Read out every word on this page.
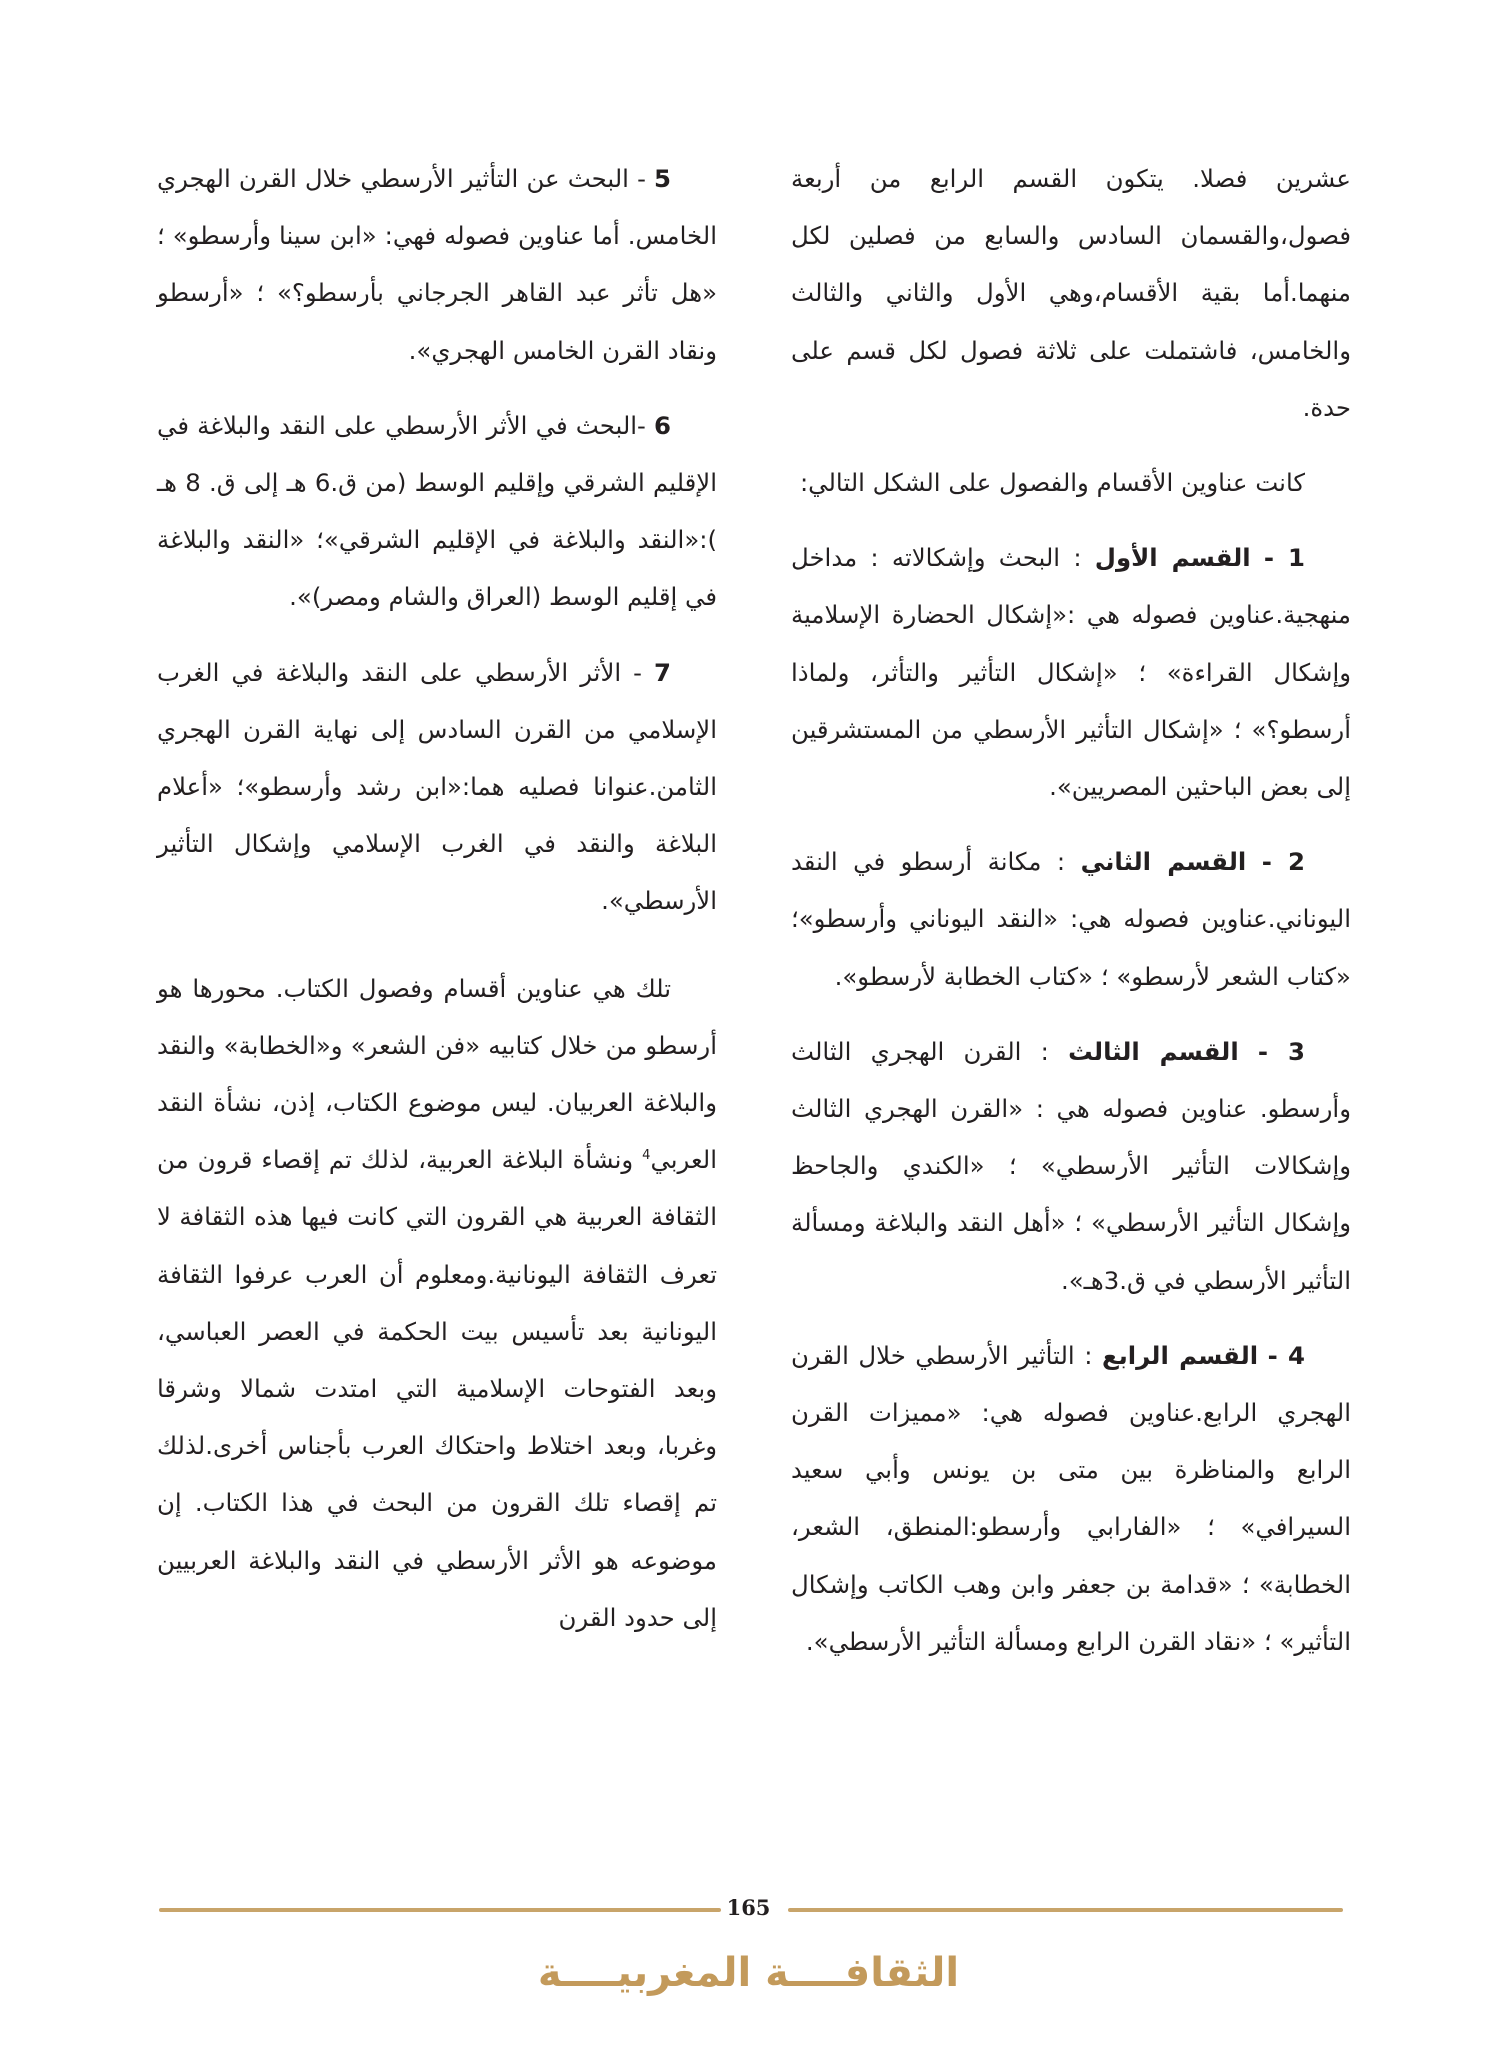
عشرين فصلا. يتكون القسم الرابع من أربعة فصول،والقسمان السادس والسابع من فصلين لكل منهما.أما بقية الأقسام،وهي الأول والثاني والثالث والخامس، فاشتملت على ثلاثة فصول لكل قسم على حدة.

كانت عناوين الأقسام والفصول على الشكل التالي:

1 - القسم الأول : البحث وإشكالاته : مداخل منهجية.عناوين فصوله هي :«إشكال الحضارة الإسلامية وإشكال القراءة» ؛ «إشكال التأثير والتأثر، ولماذا أرسطو؟» ؛ «إشكال التأثير الأرسطي من المستشرقين إلى بعض الباحثين المصريين».

2 - القسم الثاني : مكانة أرسطو في النقد اليوناني.عناوين فصوله هي: «النقد اليوناني وأرسطو»؛ «كتاب الشعر لأرسطو» ؛ «كتاب الخطابة لأرسطو».

3 - القسم الثالث : القرن الهجري الثالث وأرسطو. عناوين فصوله هي : «القرن الهجري الثالث وإشكالات التأثير الأرسطي» ؛ «الكندي والجاحظ وإشكال التأثير الأرسطي» ؛ «أهل النقد والبلاغة ومسألة التأثير الأرسطي في ق.3هـ».

4 - القسم الرابع : التأثير الأرسطي خلال القرن الهجري الرابع.عناوين فصوله هي: «مميزات القرن الرابع والمناظرة بين متى بن يونس وأبي سعيد السيرافي» ؛ «الفارابي وأرسطو:المنطق، الشعر، الخطابة» ؛ «قدامة بن جعفر وابن وهب الكاتب وإشكال التأثير» ؛ «نقاد القرن الرابع ومسألة التأثير الأرسطي».

5 - البحث عن التأثير الأرسطي خلال القرن الهجري الخامس. أما عناوين فصوله فهي: «ابن سينا وأرسطو» ؛ «هل تأثر عبد القاهر الجرجاني بأرسطو؟» ؛ «أرسطو ونقاد القرن الخامس الهجري».

6 -البحث في الأثر الأرسطي على النقد والبلاغة في الإقليم الشرقي وإقليم الوسط (من ق.6 هـ إلى ق. 8 هـ ):«النقد والبلاغة في الإقليم الشرقي»؛ «النقد والبلاغة في إقليم الوسط (العراق والشام ومصر)».

7 - الأثر الأرسطي على النقد والبلاغة في الغرب الإسلامي من القرن السادس إلى نهاية القرن الهجري الثامن.عنوانا فصليه هما:«ابن رشد وأرسطو»؛ «أعلام البلاغة والنقد في الغرب الإسلامي وإشكال التأثير الأرسطي».

تلك هي عناوين أقسام وفصول الكتاب. محورها هو أرسطو من خلال كتابيه «فن الشعر» و«الخطابة» والنقد والبلاغة العربيان. ليس موضوع الكتاب، إذن، نشأة النقد العربي$^4$ ونشأة البلاغة العربية، لذلك تم إقصاء قرون من الثقافة العربية هي القرون التي كانت فيها هذه الثقافة لا تعرف الثقافة اليونانية.ومعلوم أن العرب عرفوا الثقافة اليونانية بعد تأسيس بيت الحكمة في العصر العباسي، وبعد الفتوحات الإسلامية التي امتدت شمالا وشرقا وغربا، وبعد اختلاط واحتكاك العرب بأجناس أخرى.لذلك تم إقصاء تلك القرون من البحث في هذا الكتاب. إن موضوعه هو الأثر الأرسطي في النقد والبلاغة العربيين إلى حدود القرن

165
الثقافــــة المغربيــــة
